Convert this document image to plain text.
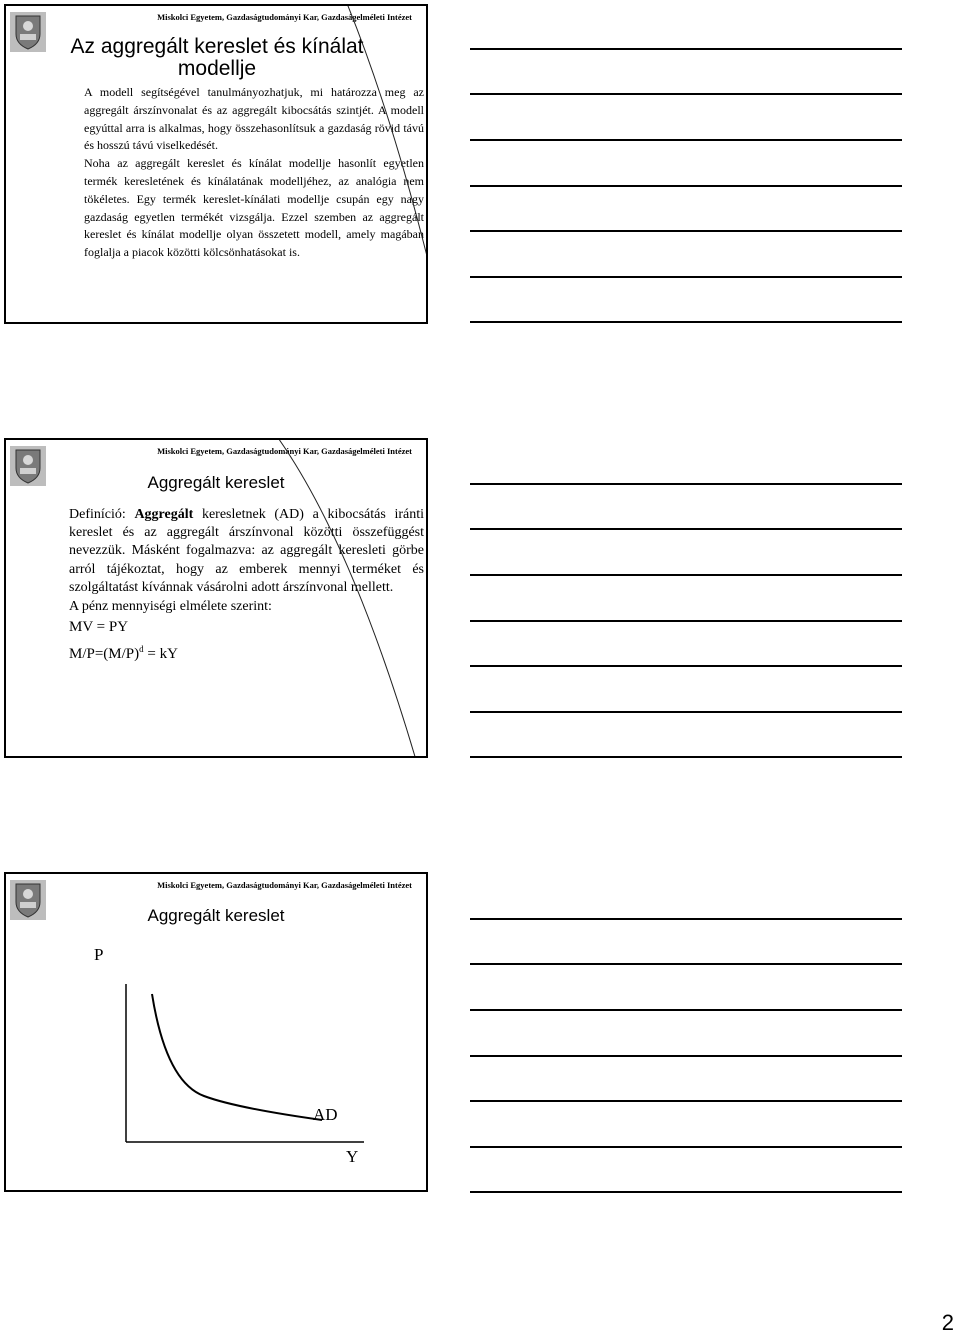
Miskolci Egyetem, Gazdaságtudományi Kar, Gazdaságelméleti Intézet
Az aggregált kereslet és kínálat
modellje

A modell segítségével tanulmányozhatjuk, mi határozza meg az aggregált árszínvonalat és az aggregált kibocsátás szintjét. A modell egyúttal arra is alkalmas, hogy összehasonlítsuk a gazdaság rövid távú és hosszú távú viselkedését.

Noha az aggregált kereslet és kínálat modellje hasonlít egyetlen termék keresletének és kínálatának modelljéhez, az analógia nem tökéletes. Egy termék kereslet-kínálati modellje csupán egy nagy gazdaság egyetlen termékét vizsgálja. Ezzel szemben az aggregált kereslet és kínálat modellje olyan összetett modell, amely magában foglalja a piacok közötti kölcsönhatásokat is.

Miskolci Egyetem, Gazdaságtudományi Kar, Gazdaságelméleti Intézet
Aggregált kereslet

Definíció: Aggregált keresletnek (AD) a kibocsátás iránti kereslet és az aggregált árszínvonal közötti összefüggést nevezzük. Másként fogalmazva: az aggregált keresleti görbe arról tájékoztat, hogy az emberek mennyi terméket és szolgáltatást kívánnak vásárolni adott árszínvonal mellett.

A pénz mennyiségi elmélete szerint:

MV = PY

$M/P=(M/P)^d$ = kY

Miskolci Egyetem, Gazdaságtudományi Kar, Gazdaságelméleti Intézet
Aggregált kereslet
P
AD
Y
2
